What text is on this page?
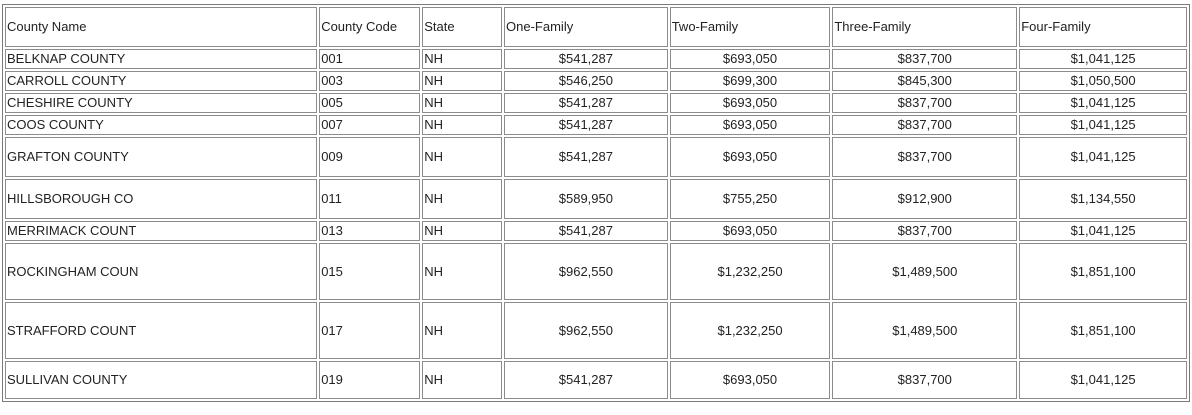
County Name	County Code	State	One-Family	Two-Family	Three-Family	Four-Family
BELKNAP COUNTY	001	NH	$541,287	$693,050	$837,700	$1,041,125
CARROLL COUNTY	003	NH	$546,250	$699,300	$845,300	$1,050,500
CHESHIRE COUNTY	005	NH	$541,287	$693,050	$837,700	$1,041,125
COOS COUNTY	007	NH	$541,287	$693,050	$837,700	$1,041,125
GRAFTON COUNTY	009	NH	$541,287	$693,050	$837,700	$1,041,125
HILLSBOROUGH CO	011	NH	$589,950	$755,250	$912,900	$1,134,550
MERRIMACK COUNT	013	NH	$541,287	$693,050	$837,700	$1,041,125
ROCKINGHAM COUN	015	NH	$962,550	$1,232,250	$1,489,500	$1,851,100
STRAFFORD COUNT	017	NH	$962,550	$1,232,250	$1,489,500	$1,851,100
SULLIVAN COUNTY	019	NH	$541,287	$693,050	$837,700	$1,041,125
